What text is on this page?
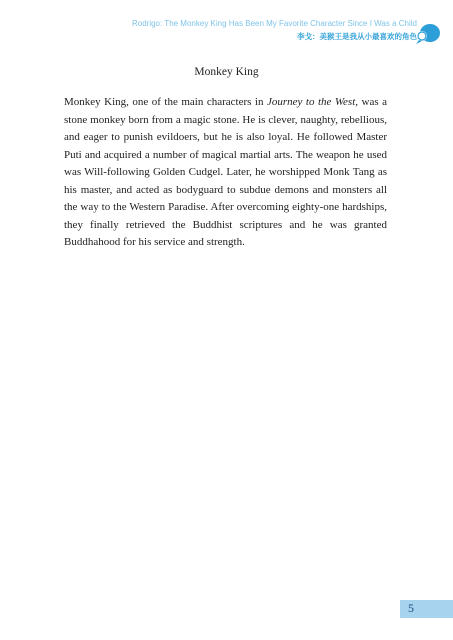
Rodrigo: The Monkey King Has Been My Favorite Character Since I Was a Child
李戈：美猴王是我从小最喜欢的角色
Monkey King

Monkey King, one of the main characters in Journey to the West, was a stone monkey born from a magic stone. He is clever, naughty, rebellious, and eager to punish evildoers, but he is also loyal. He followed Master Puti and acquired a number of magical martial arts. The weapon he used was Will-following Golden Cudgel. Later, he worshipped Monk Tang as his master, and acted as bodyguard to subdue demons and monsters all the way to the Western Paradise. After overcoming eighty-one hardships, they finally retrieved the Buddhist scriptures and he was granted Buddhahood for his service and strength.

5
